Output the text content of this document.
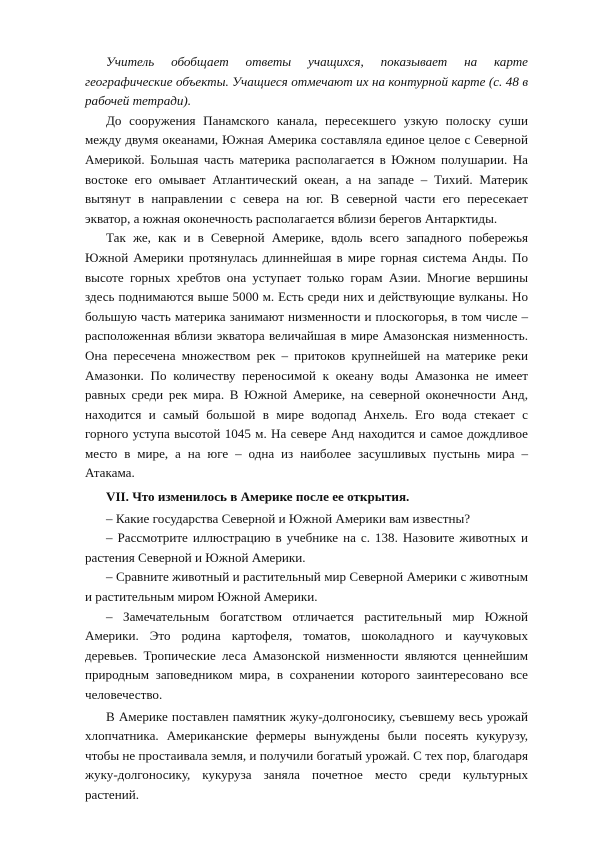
Учитель обобщает ответы учащихся, показывает на карте географические объекты. Учащиеся отмечают их на контурной карте (с. 48 в рабочей тетради).

До сооружения Панамского канала, пересекшего узкую полоску суши между двумя океанами, Южная Америка составляла единое целое с Северной Америкой. Большая часть материка располагается в Южном полушарии. На востоке его омывает Атлантический океан, а на западе – Тихий. Материк вытянут в направлении с севера на юг. В северной части его пересекает экватор, а южная оконечность располагается вблизи берегов Антарктиды.

Так же, как и в Северной Америке, вдоль всего западного побережья Южной Америки протянулась длиннейшая в мире горная система Анды. По высоте горных хребтов она уступает только горам Азии. Многие вершины здесь поднимаются выше 5000 м. Есть среди них и действующие вулканы. Но большую часть материка занимают низменности и плоскогорья, в том числе – расположенная вблизи экватора величайшая в мире Амазонская низменность. Она пересечена множеством рек – притоков крупнейшей на материке реки Амазонки. По количеству переносимой к океану воды Амазонка не имеет равных среди рек мира. В Южной Америке, на северной оконечности Анд, находится и самый большой в мире водопад Анхель. Его вода стекает с горного уступа высотой 1045 м. На севере Анд находится и самое дождливое место в мире, а на юге – одна из наиболее засушливых пустынь мира – Атакама.

VII. Что изменилось в Америке после ее открытия.

– Какие государства Северной и Южной Америки вам известны?

– Рассмотрите иллюстрацию в учебнике на с. 138. Назовите животных и растения Северной и Южной Америки.

– Сравните животный и растительный мир Северной Америки с животным и растительным миром Южной Америки.

– Замечательным богатством отличается растительный мир Южной Америки. Это родина картофеля, томатов, шоколадного и каучуковых деревьев. Тропические леса Амазонской низменности являются ценнейшим природным заповедником мира, в сохранении которого заинтересовано все человечество.

В Америке поставлен памятник жуку-долгоносику, съевшему весь урожай хлопчатника. Американские фермеры вынуждены были посеять кукурузу, чтобы не простаивала земля, и получили богатый урожай. С тех пор, благодаря жуку-долгоносику, кукуруза заняла почетное место среди культурных растений.
